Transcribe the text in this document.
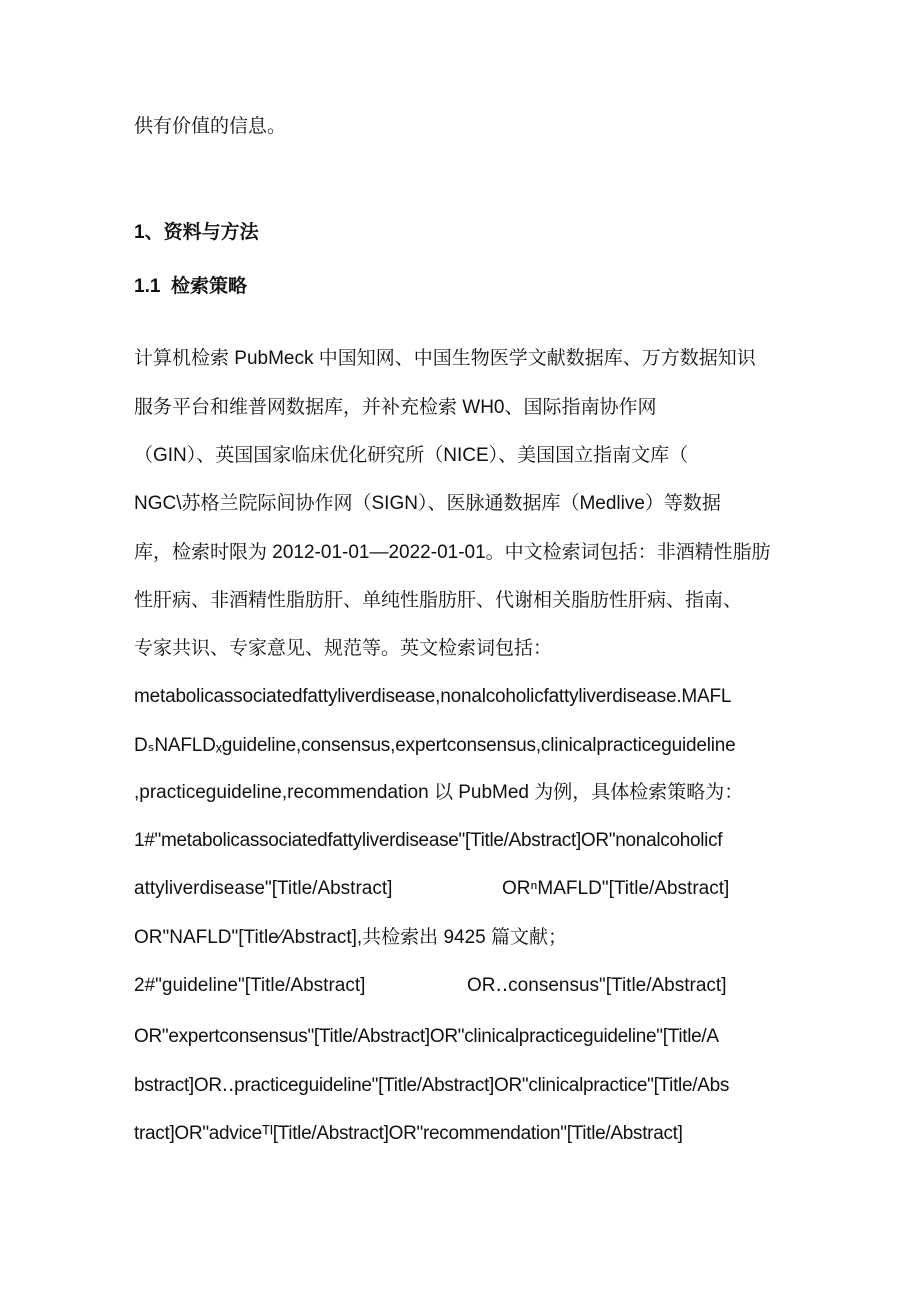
供有价值的信息。
1、资料与方法
1.1  检索策略
计算机检索 PubMeck 中国知网、中国生物医学文献数据库、万方数据知识
服务平台和维普网数据库，并补充检索 WH0、国际指南协作网
（GIN）、英国国家临床优化研究所（NICE）、美国国立指南文库（
NGC\苏格兰院际间协作网（SIGN）、医脉通数据库（Medlive）等数据
库，检索时限为 2012-01-01—2022-01-01。中文检索词包括：非酒精性脂肪
性肝病、非酒精性脂肪肝、单纯性脂肪肝、代谢相关脂肪性肝病、指南、
专家共识、专家意见、规范等。英文检索词包括：
metabolicassociatedfattyliverdisease,nonalcoholicfattyliverdisease.MAFL
DₛNAFLDₓguideline,consensus,expertconsensus,clinicalpracticeguideline
,practiceguideline,recommendation 以 PubMed 为例，具体检索策略为：
1#"metabolicassociatedfattyliverdisease"[Title/Abstract]OR"nonalcoholicf
attyliverdisease"[Title/Abstract]	ORⁿMAFLD"[Title/Abstract]
OR"NAFLD"[Title⁄Abstract],共检索出 9425 篇文献；
2#"guideline"[Title/Abstract]	OR‥consensus"[Title/Abstract]
OR"expertconsensus"[Title/Abstract]OR"clinicalpracticeguideline"[Title/A
bstract]OR‥practiceguideline"[Title/Abstract]OR"clinicalpractice"[Title/Abs
tract]OR"adviceᵀᴵ[Title/Abstract]OR"recommendation"[Title/Abstract]
